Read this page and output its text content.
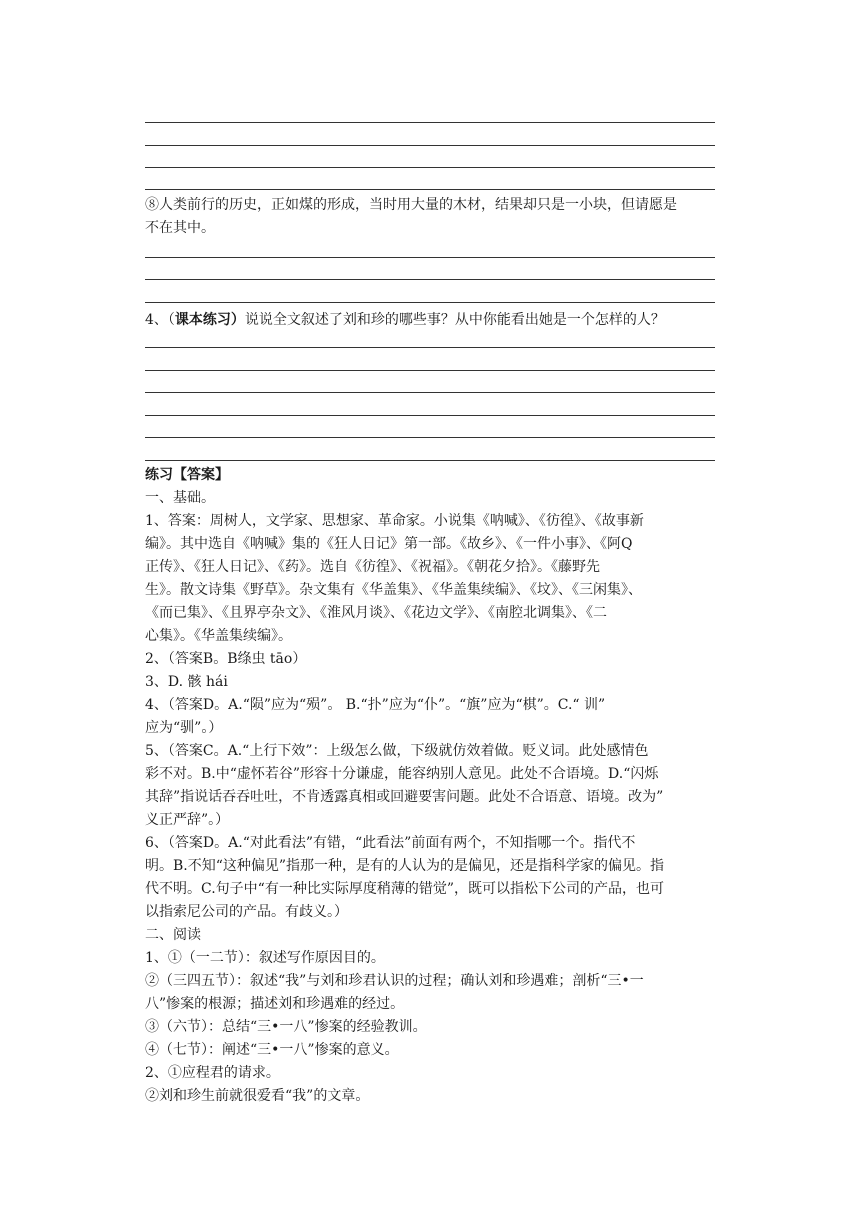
⑧人类前行的历史，正如煤的形成，当时用大量的木材，结果却只是一小块，但请愿是

不在其中。

4、（课本练习）说说全文叙述了刘和珍的哪些事？从中你能看出她是一个怎样的人？

练习【答案】

一、基础。

1、答案：周树人，文学家、思想家、革命家。小说集《呐喊》、《彷徨》、《故事新

编》。其中选自《呐喊》集的《狂人日记》第一部。《故乡》、《一件小事》、《阿Q

正传》、《狂人日记》、《药》。选自《彷徨》、《祝福》。《朝花夕拾》。《藤野先

生》。散文诗集《野草》。杂文集有《华盖集》、《华盖集续编》、《坟》、《三闲集》、

《而已集》、《且界亭杂文》、《淮风月谈》、《花边文学》、《南腔北调集》、《二

心集》。《华盖集续编》。

2、（答案B。B绦虫 tāo）

3、D. 骸 hái

4、（答案D。A.“陨”应为“殒”。 B.“扑”应为“仆”。“旗”应为“棋”。C.“ 训”

应为“驯”。）

5、（答案C。A.“上行下效”：上级怎么做，下级就仿效着做。贬义词。此处感情色

彩不对。B.中“虚怀若谷”形容十分谦虚，能容纳别人意见。此处不合语境。D.“闪烁

其辞”指说话吞吞吐吐，不肯透露真相或回避要害问题。此处不合语意、语境。改为”

义正严辞”。）

6、（答案D。A.“对此看法”有错，“此看法”前面有两个，不知指哪一个。指代不

明。B.不知“这种偏见”指那一种，是有的人认为的是偏见，还是指科学家的偏见。指

代不明。C.句子中“有一种比实际厚度稍薄的错觉”，既可以指松下公司的产品，也可

以指索尼公司的产品。有歧义。）

二、阅读

1、①（一二节）：叙述写作原因目的。

②（三四五节）：叙述“我”与刘和珍君认识的过程；确认刘和珍遇难；剖析“三•一

八”惨案的根源；描述刘和珍遇难的经过。

③（六节）：总结“三•一八”惨案的经验教训。

④（七节）：阐述“三•一八”惨案的意义。

2、①应程君的请求。

②刘和珍生前就很爱看“我”的文章。
